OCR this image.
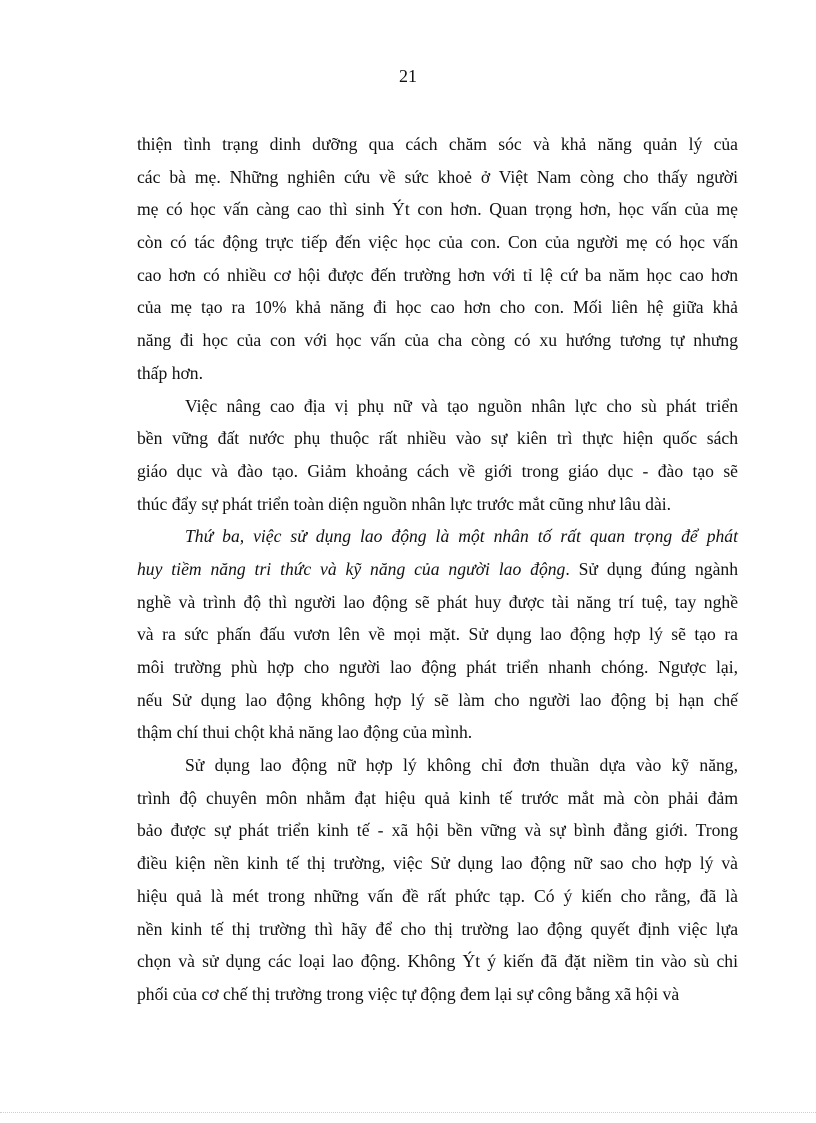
21
thiện tình trạng dinh dưỡng qua cách chăm sóc và khả năng quản lý của
các bà mẹ. Những nghiên cứu về sức khoẻ ở Việt Nam còng cho thấy người
mẹ có học vấn càng cao thì sinh Ýt con hơn. Quan trọng hơn, học vấn của mẹ
còn có tác động trực tiếp đến việc học của con. Con của người mẹ có học vấn
cao hơn có nhiều cơ hội được đến trường hơn với tỉ lệ cứ ba năm học cao hơn
của mẹ tạo ra 10% khả năng đi học cao hơn cho con. Mối liên hệ giữa khả
năng đi học của con với học vấn của cha còng có xu hướng tương tự nhưng
thấp hơn.
Việc nâng cao địa vị phụ nữ và tạo nguồn nhân lực cho sù phát triển
bền vững đất nước phụ thuộc rất nhiều vào sự kiên trì thực hiện quốc sách
giáo dục và đào tạo. Giảm khoảng cách về giới trong giáo dục - đào tạo sẽ
thúc đẩy sự phát triển toàn diện nguồn nhân lực trước mắt cũng như lâu dài.
Thứ ba, việc sử dụng lao động là một nhân tố rất quan trọng để phát
huy tiềm năng tri thức và kỹ năng của người lao động. Sử dụng đúng ngành
nghề và trình độ thì người lao động sẽ phát huy được tài năng trí tuệ, tay nghề
và ra sức phấn đấu vươn lên về mọi mặt. Sử dụng lao động hợp lý sẽ tạo ra
môi trường phù hợp cho người lao động phát triển nhanh chóng. Ngược lại,
nếu Sử dụng lao động không hợp lý sẽ làm cho người lao động bị hạn chế
thậm chí thui chột khả năng lao động của mình.
Sử dụng lao động nữ hợp lý không chỉ đơn thuần dựa vào kỹ năng,
trình độ chuyên môn nhằm đạt hiệu quả kinh tế trước mắt mà còn phải đảm
bảo được sự phát triển kinh tế - xã hội bền vững và sự bình đẳng giới. Trong
điều kiện nền kinh tế thị trường, việc Sử dụng lao động nữ sao cho hợp lý và
hiệu quả là mét trong những vấn đề rất phức tạp. Có ý kiến cho rằng, đã là
nền kinh tế thị trường thì hãy để cho thị trường lao động quyết định việc lựa
chọn và sử dụng các loại lao động. Không Ýt ý kiến đã đặt niềm tin vào sù chi
phối của cơ chế thị trường trong việc tự động đem lại sự công bằng xã hội và
